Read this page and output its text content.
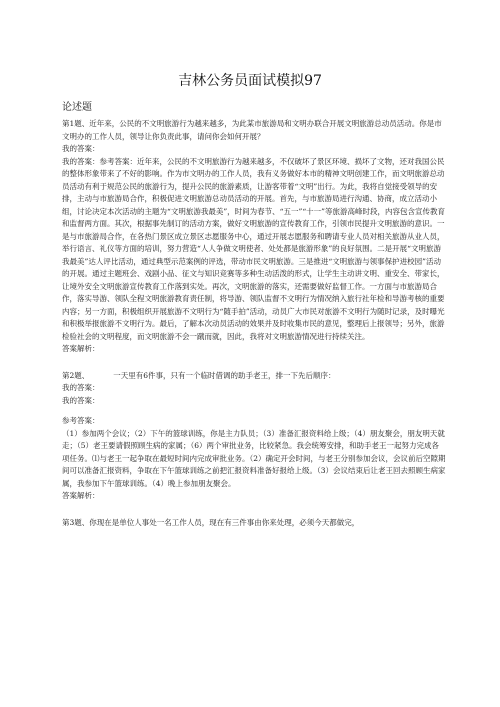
吉林公务员面试模拟97

论述题

第1题、近年来，公民的不文明旅游行为越来越多，为此某市旅游局和文明办联合开展文明旅游总动员活动。你是市文明办的工作人员，领导让你负责此事，请问你会如何开展？

我的答案：

我的答案：参考答案：近年来，公民的不文明旅游行为越来越多，不仅破坏了景区环境、损坏了文物，还对我国公民的整体形象带来了不好的影响。作为市文明办的工作人员，我有义务做好本市的精神文明创建工作，而文明旅游总动员活动有利于规范公民的旅游行为，提升公民的旅游素质，让游客带着“文明”出行。为此，我将自觉接受领导的安排，主动与市旅游局合作，积极促进文明旅游总动员活动的开展。首先，与市旅游局进行沟通、协商，成立活动小组，讨论决定本次活动的主题为“文明旅游我最美”，时间为春节、“五一”“十一”等旅游高峰时段，内容包含宣传教育和监督两方面。其次，根据事先制订的活动方案，做好文明旅游的宣传教育工作，引领市民提升文明旅游的意识。一是与市旅游局合作，在各热门景区成立景区志愿服务中心，通过开展志愿服务和聘请专业人员对相关旅游从业人员，举行语言、礼仪等方面的培训，努力营造“人人争做文明使者、处处都是旅游形象”的良好氛围。二是开展“文明旅游我最美”达人评比活动，通过典型示范案例的评选，带动市民文明旅游。三是推进“文明旅游与领事保护进校园”活动的开展。通过主题班会、戏剧小品、征文与知识竞赛等多种生动活泼的形式，让学生主动讲文明、重安全、带家长，让境外安全文明旅游宣传教育工作落到实处。再次，文明旅游的落实，还需要做好监督工作。一方面与市旅游局合作，落实导游、领队全程文明旅游教育责任制，将导游、领队监督不文明行为情况纳入旅行社年检和导游考核的重要内容；另一方面，积极组织开展旅游不文明行为“随手拍”活动，动员广大市民对旅游不文明行为随时记录，及时曝光和积极举报旅游不文明行为。最后，了解本次动员活动的效果并及时收集市民的意见，整理后上报领导；另外，旅游检验社会的文明程度，而文明旅游不会一蹴而就，因此，我将对文明旅游情况进行持续关注。

答案解析：

第2题、	一天里有6件事，只有一个临时借调的助手老王，排一下先后顺序：

我的答案：

我的答案：

参考答案：

（1）参加两个会议；（2）下午的篮球训练，你是主力队员；（3）准备汇报资料给上级；（4）朋友聚会，朋友明天就走；（5）老王要请假照顾生病的家属；（6）两个审批业务，比较紧急。我会统筹安排，和助手老王一起努力完成各项任务。⑴与老王一起争取在最短时间内完成审批业务。（2）确定开会时间，与老王分别参加会议，会议前后空隙期间可以准备汇报资料，争取在下午篮球训练之前把汇报资料准备好报给上级。（3）会议结束后让老王回去照顾生病家属，我参加下午篮球训练。（4）晚上参加朋友聚会。

答案解析：

第3题、你现在是单位人事处一名工作人员，现在有三件事由你来处理，必须今天都做完，
